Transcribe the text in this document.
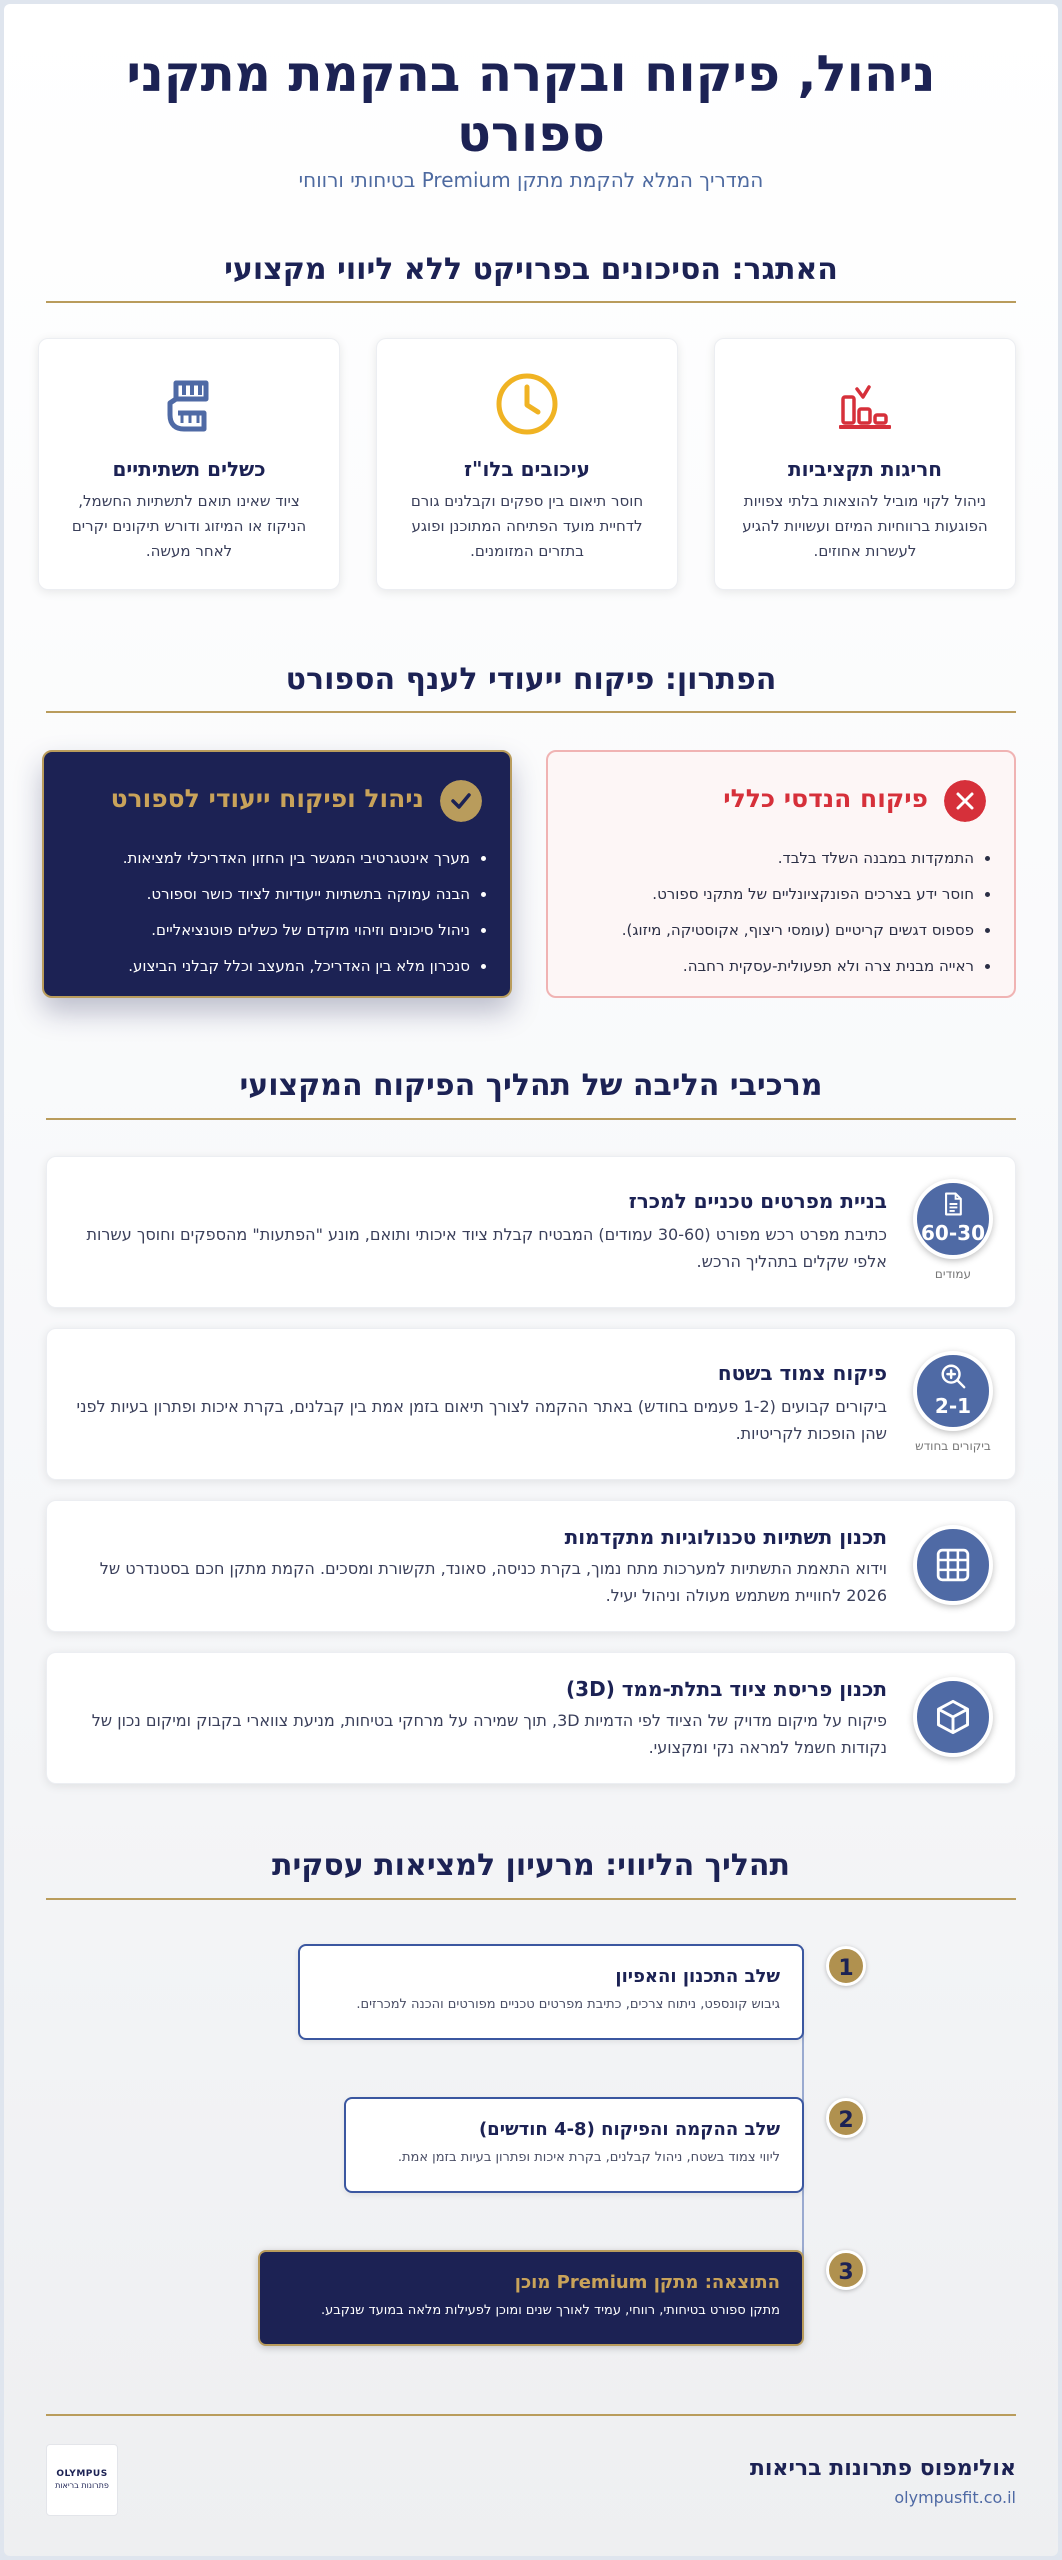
ניהול, פיקוח ובקרה בהקמת מתקני ספורט
המדריך המלא להקמת מתקן Premium בטיחותי ורווחי
האתגר: הסיכונים בפרויקט ללא ליווי מקצועי
חריגות תקציביות
ניהול לקוי מוביל להוצאות בלתי צפויות הפוגעות ברווחיות המיזם ועשויות להגיע לעשרות אחוזים.
עיכובים בלו"ז
חוסר תיאום בין ספקים וקבלנים גורם לדחיית מועד הפתיחה המתוכנן ופוגע בתזרים המזומנים.
כשלים תשתיתיים
ציוד שאינו תואם לתשתיות החשמל, הניקוז או המיזוג ודורש תיקונים יקרים לאחר מעשה.
הפתרון: פיקוח ייעודי לענף הספורט
פיקוח הנדסי כללי
• התמקדות במבנה השלד בלבד.
• חוסר ידע בצרכים הפונקציונליים של מתקני ספורט.
• פספוס דגשים קריטיים (עומסי ריצוף, אקוסטיקה, מיזוג).
• ראייה מבנית צרה ולא תפעולית-עסקית רחבה.
ניהול ופיקוח ייעודי לספורט
• מערך אינטגרטיבי המגשר בין החזון האדריכלי למציאות.
• הבנה עמוקה בתשתיות ייעודיות לציוד כושר וספורט.
• ניהול סיכונים וזיהוי מוקדם של כשלים פוטנציאליים.
• סנכרון מלא בין האדריכל, המעצב וכלל קבלני הביצוע.
מרכיבי הליבה של תהליך הפיקוח המקצועי
60-30
עמודים
בניית מפרטים טכניים למכרז
כתיבת מפרט רכש מפורט (30-60 עמודים) המבטיח קבלת ציוד איכותי ותואם, מונע "הפתעות" מהספקים וחוסך עשרות אלפי שקלים בתהליך הרכש.
2-1
ביקורים בחודש
פיקוח צמוד בשטח
ביקורים קבועים (1-2 פעמים בחודש) באתר ההקמה לצורך תיאום בזמן אמת בין קבלנים, בקרת איכות ופתרון בעיות לפני שהן הופכות לקריטיות.
תכנון תשתיות טכנולוגיות מתקדמות
וידוא התאמת התשתיות למערכות מתח נמוך, בקרת כניסה, סאונד, תקשורת ומסכים. הקמת מתקן חכם בסטנדרט של 2026 לחוויית משתמש מעולה וניהול יעיל.
תכנון פריסת ציוד בתלת-ממד (3D)
פיקוח על מיקום מדויק של הציוד לפי הדמיות 3D, תוך שמירה על מרחקי בטיחות, מניעת צווארי בקבוק ומיקום נכון של נקודות חשמל למראה נקי ומקצועי.
תהליך הליווי: מרעיון למציאות עסקית
1
שלב התכנון והאפיון
גיבוש קונספט, ניתוח צרכים, כתיבת מפרטים טכניים מפורטים והכנה למכרזים.
2
שלב ההקמה והפיקוח (4-8 חודשים)
ליווי צמוד בשטח, ניהול קבלנים, בקרת איכות ופתרון בעיות בזמן אמת.
3
התוצאה: מתקן Premium מוכן
מתקן ספורט בטיחותי, רווחי, עמיד לאורך שנים ומוכן לפעילות מלאה במועד שנקבע.
אולימפוס פתרונות בריאות
olympusfit.co.il
OLYMPUS
פתרונות בריאות
